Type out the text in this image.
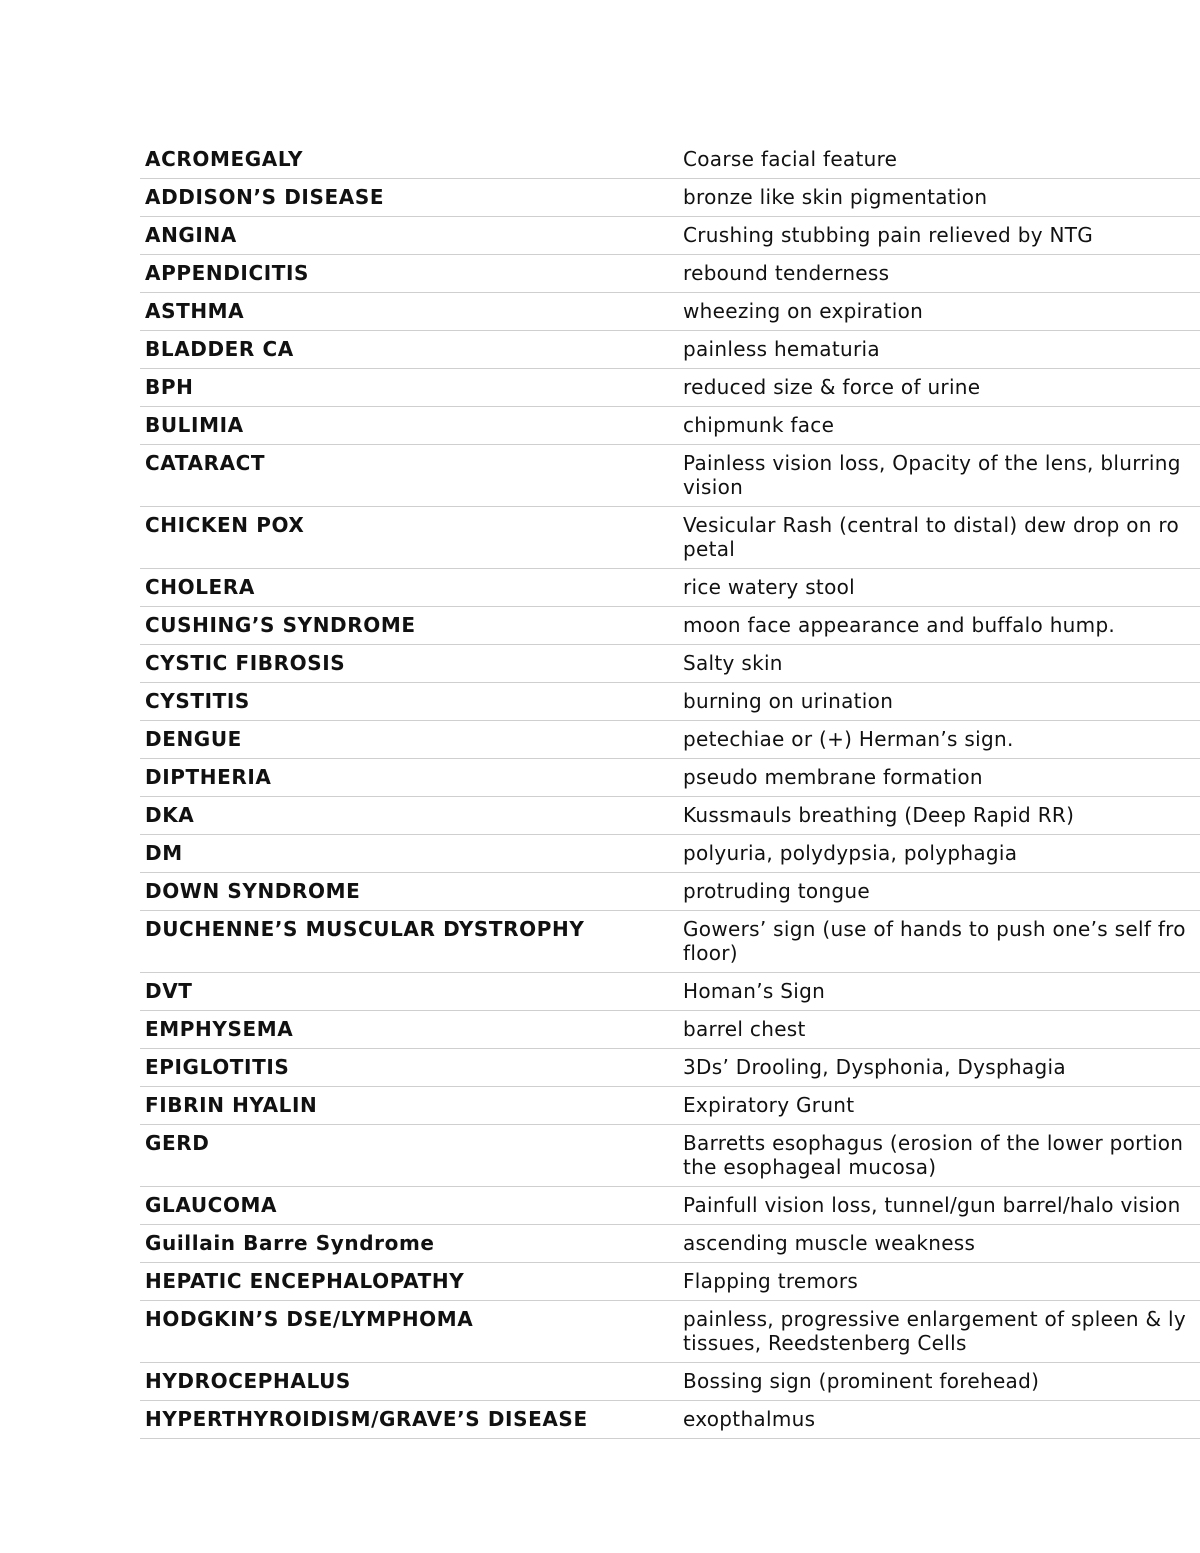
ACROMEGALY	Coarse facial feature

ADDISON’S DISEASE	bronze like skin pigmentation

ANGINA	Crushing stubbing pain relieved by NTG

APPENDICITIS	rebound tenderness

ASTHMA	wheezing on expiration

BLADDER CA	painless hematuria

BPH	reduced size & force of urine

BULIMIA	chipmunk face

CATARACT	Painless vision loss, Opacity of the lens, blurring
vision

CHICKEN POX	Vesicular Rash (central to distal) dew drop on ro
petal

CHOLERA	rice watery stool

CUSHING’S SYNDROME	moon face appearance and buffalo hump.

CYSTIC FIBROSIS	Salty skin

CYSTITIS	burning on urination

DENGUE	petechiae or (+) Herman’s sign.

DIPTHERIA	pseudo membrane formation

DKA	Kussmauls breathing (Deep Rapid RR)

DM	polyuria, polydypsia, polyphagia

DOWN SYNDROME	protruding tongue

DUCHENNE’S MUSCULAR DYSTROPHY	Gowers’ sign (use of hands to push one’s self fro
floor)

DVT	Homan’s Sign

EMPHYSEMA	barrel chest

EPIGLOTITIS	3Ds’ Drooling, Dysphonia, Dysphagia

FIBRIN HYALIN	Expiratory Grunt

GERD	Barretts esophagus (erosion of the lower portion
the esophageal mucosa)

GLAUCOMA	Painfull vision loss, tunnel/gun barrel/halo vision

Guillain Barre Syndrome	ascending muscle weakness

HEPATIC ENCEPHALOPATHY	Flapping tremors

HODGKIN’S DSE/LYMPHOMA	painless, progressive enlargement of spleen & ly
tissues, Reedstenberg Cells

HYDROCEPHALUS	Bossing sign (prominent forehead)

HYPERTHYROIDISM/GRAVE’S DISEASE	exopthalmus
